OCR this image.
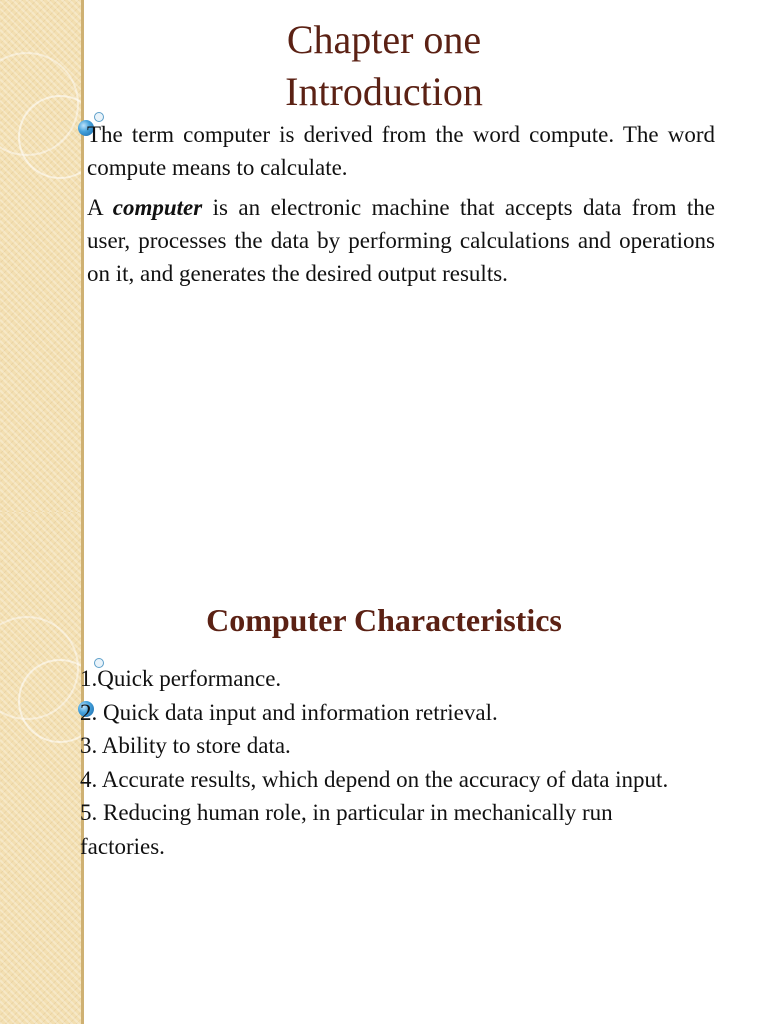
Chapter one
Introduction

The term computer is derived from the word compute. The word compute means to calculate.

A computer is an electronic machine that accepts data from the user, processes the data by performing calculations and operations on it, and generates the desired output results.

Computer Characteristics
1.Quick performance.
2. Quick data input and information retrieval.
3. Ability to store data.
4. Accurate results, which depend on the accuracy of data input.
5. Reducing human role, in particular in mechanically run factories.
